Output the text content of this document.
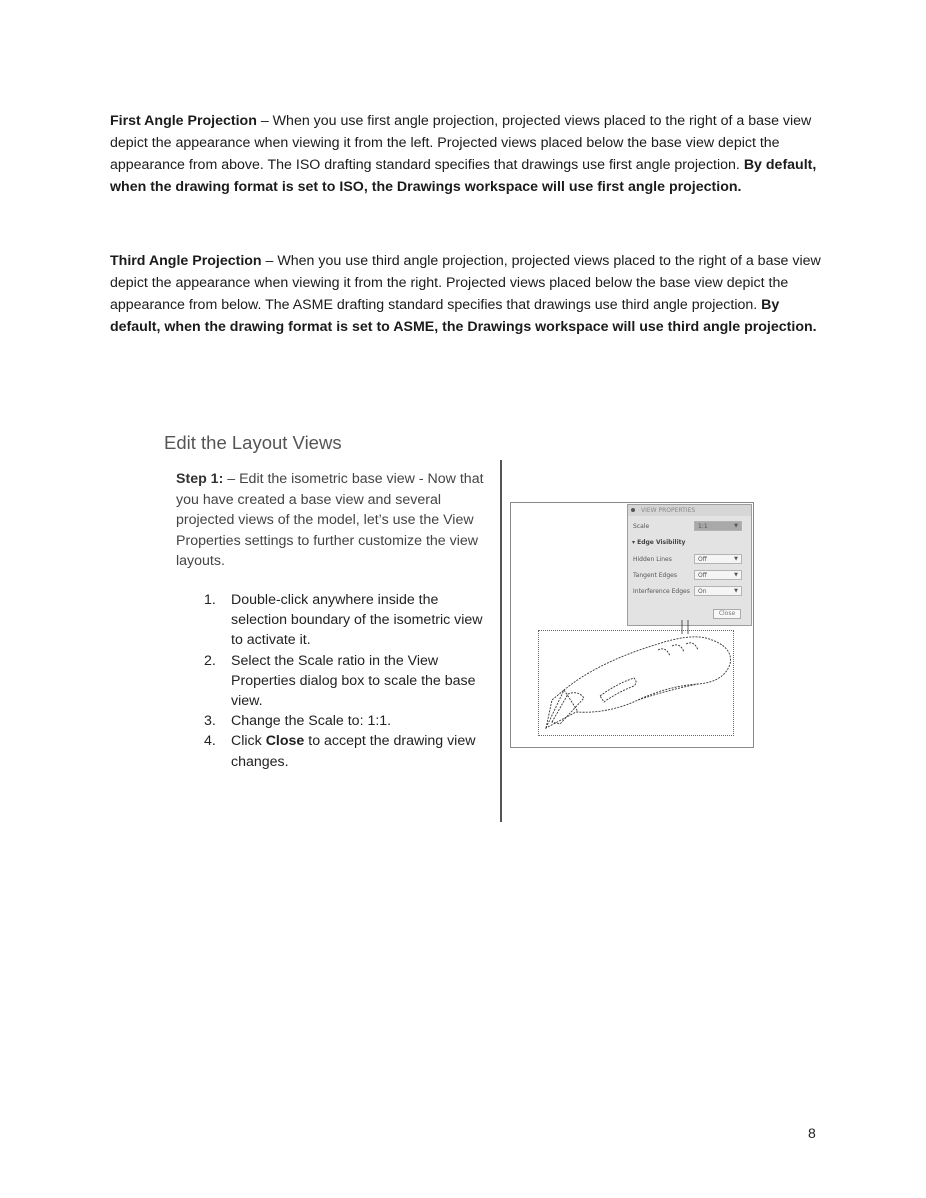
First Angle Projection – When you use first angle projection, projected views placed to the right of a base view depict the appearance when viewing it from the left. Projected views placed below the base view depict the appearance from above. The ISO drafting standard specifies that drawings use first angle projection. By default, when the drawing format is set to ISO, the Drawings workspace will use first angle projection.

Third Angle Projection – When you use third angle projection, projected views placed to the right of a base view depict the appearance when viewing it from the right. Projected views placed below the base view depict the appearance from below. The ASME drafting standard specifies that drawings use third angle projection. By default, when the drawing format is set to ASME, the Drawings workspace will use third angle projection.

Edit the Layout Views

Step 1: – Edit the isometric base view - Now that you have created a base view and several projected views of the model, let’s use the View Properties settings to further customize the view layouts.

1. Double-click anywhere inside the selection boundary of the isometric view to activate it.
2. Select the Scale ratio in the View Properties dialog box to scale the base view.
3. Change the Scale to: 1:1.
4. Click Close to accept the drawing view changes.
VIEW PROPERTIES
Scale	1:1	▼
▾ Edge Visibility
Hidden Lines	Off	▼
Tangent Edges	Off	▼
Interference Edges On	▼
Close
8
